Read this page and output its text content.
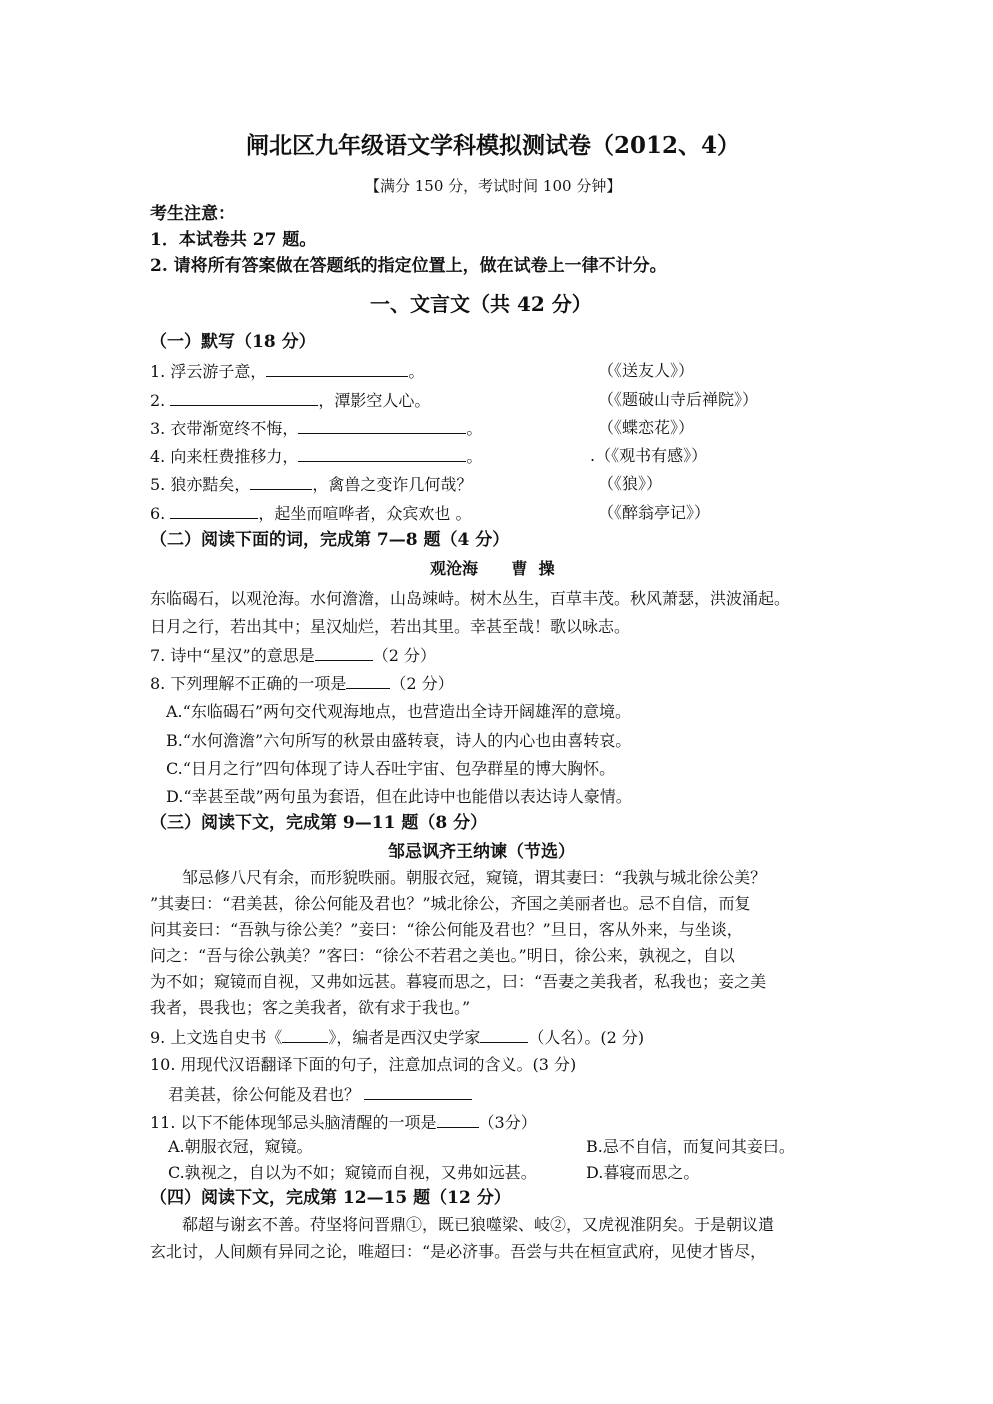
闸北区九年级语文学科模拟测试卷（2012、4）
【满分 150 分，考试时间 100 分钟】
考生注意：
1．本试卷共 27 题。
2. 请将所有答案做在答题纸的指定位置上，做在试卷上一律不计分。
一、文言文（共 42 分）
（一）默写（18 分）
1. 浮云游子意，	。	（《送友人》）
2.	，潭影空人心。	（《题破山寺后禅院》）
3. 衣带渐宽终不悔，	。	（《蝶恋花》）
4. 向来枉费推移力，	。	.（《观书有感》）
5. 狼亦黠矣，	，禽兽之变诈几何哉？	（《狼》）
6.	，起坐而喧哗者，众宾欢也 。	（《醉翁亭记》）
（二）阅读下面的词，完成第 7—8 题（4 分）
观沧海      曹  操
东临碣石，以观沧海。水何澹澹，山岛竦峙。树木丛生，百草丰茂。秋风萧瑟，洪波涌起。
日月之行，若出其中；星汉灿烂，若出其里。幸甚至哉！歌以咏志。
7. 诗中“星汉”的意思是	（2 分）
8. 下列理解不正确的一项是	（2 分）
A.“东临碣石”两句交代观海地点，也营造出全诗开阔雄浑的意境。
B.“水何澹澹”六句所写的秋景由盛转衰，诗人的内心也由喜转哀。
C.“日月之行”四句体现了诗人吞吐宇宙、包孕群星的博大胸怀。
D.“幸甚至哉”两句虽为套语，但在此诗中也能借以表达诗人豪情。
（三）阅读下文，完成第 9—11 题（8 分）
邹忌讽齐王纳谏（节选）
邹忌修八尺有余，而形貌昳丽。朝服衣冠，窥镜，谓其妻曰：“我孰与城北徐公美？
”其妻曰：“君美甚，徐公何能及君也？”城北徐公，齐国之美丽者也。忌不自信，而复
问其妾曰：“吾孰与徐公美？”妾曰：“徐公何能及君也？”旦日，客从外来，与坐谈，
问之：“吾与徐公孰美？”客曰：“徐公不若君之美也。”明日，徐公来，孰视之，自以
为不如；窥镜而自视，又弗如远甚。暮寝而思之，曰：“吾妻之美我者，私我也；妾之美
我者，畏我也；客之美我者，欲有求于我也。”
9. 上文选自史书《	》，编者是西汉史学家	（人名）。(2 分)
10. 用现代汉语翻译下面的句子，注意加点词的含义。(3 分)
君美甚，徐公何能及君也？
11. 以下不能体现邹忌头脑清醒的一项是	（3分）
A.朝服衣冠，窥镜。	B.忌不自信，而复问其妾曰。
C.孰视之，自以为不如；窥镜而自视，又弗如远甚。	D.暮寝而思之。
（四）阅读下文，完成第 12—15 题（12 分）
郗超与谢玄不善。苻坚将问晋鼎①，既已狼噬梁、岐②，又虎视淮阴矣。于是朝议遣
玄北讨，人间颇有异同之论，唯超曰：“是必济事。吾尝与共在桓宣武府，见使才皆尽，
